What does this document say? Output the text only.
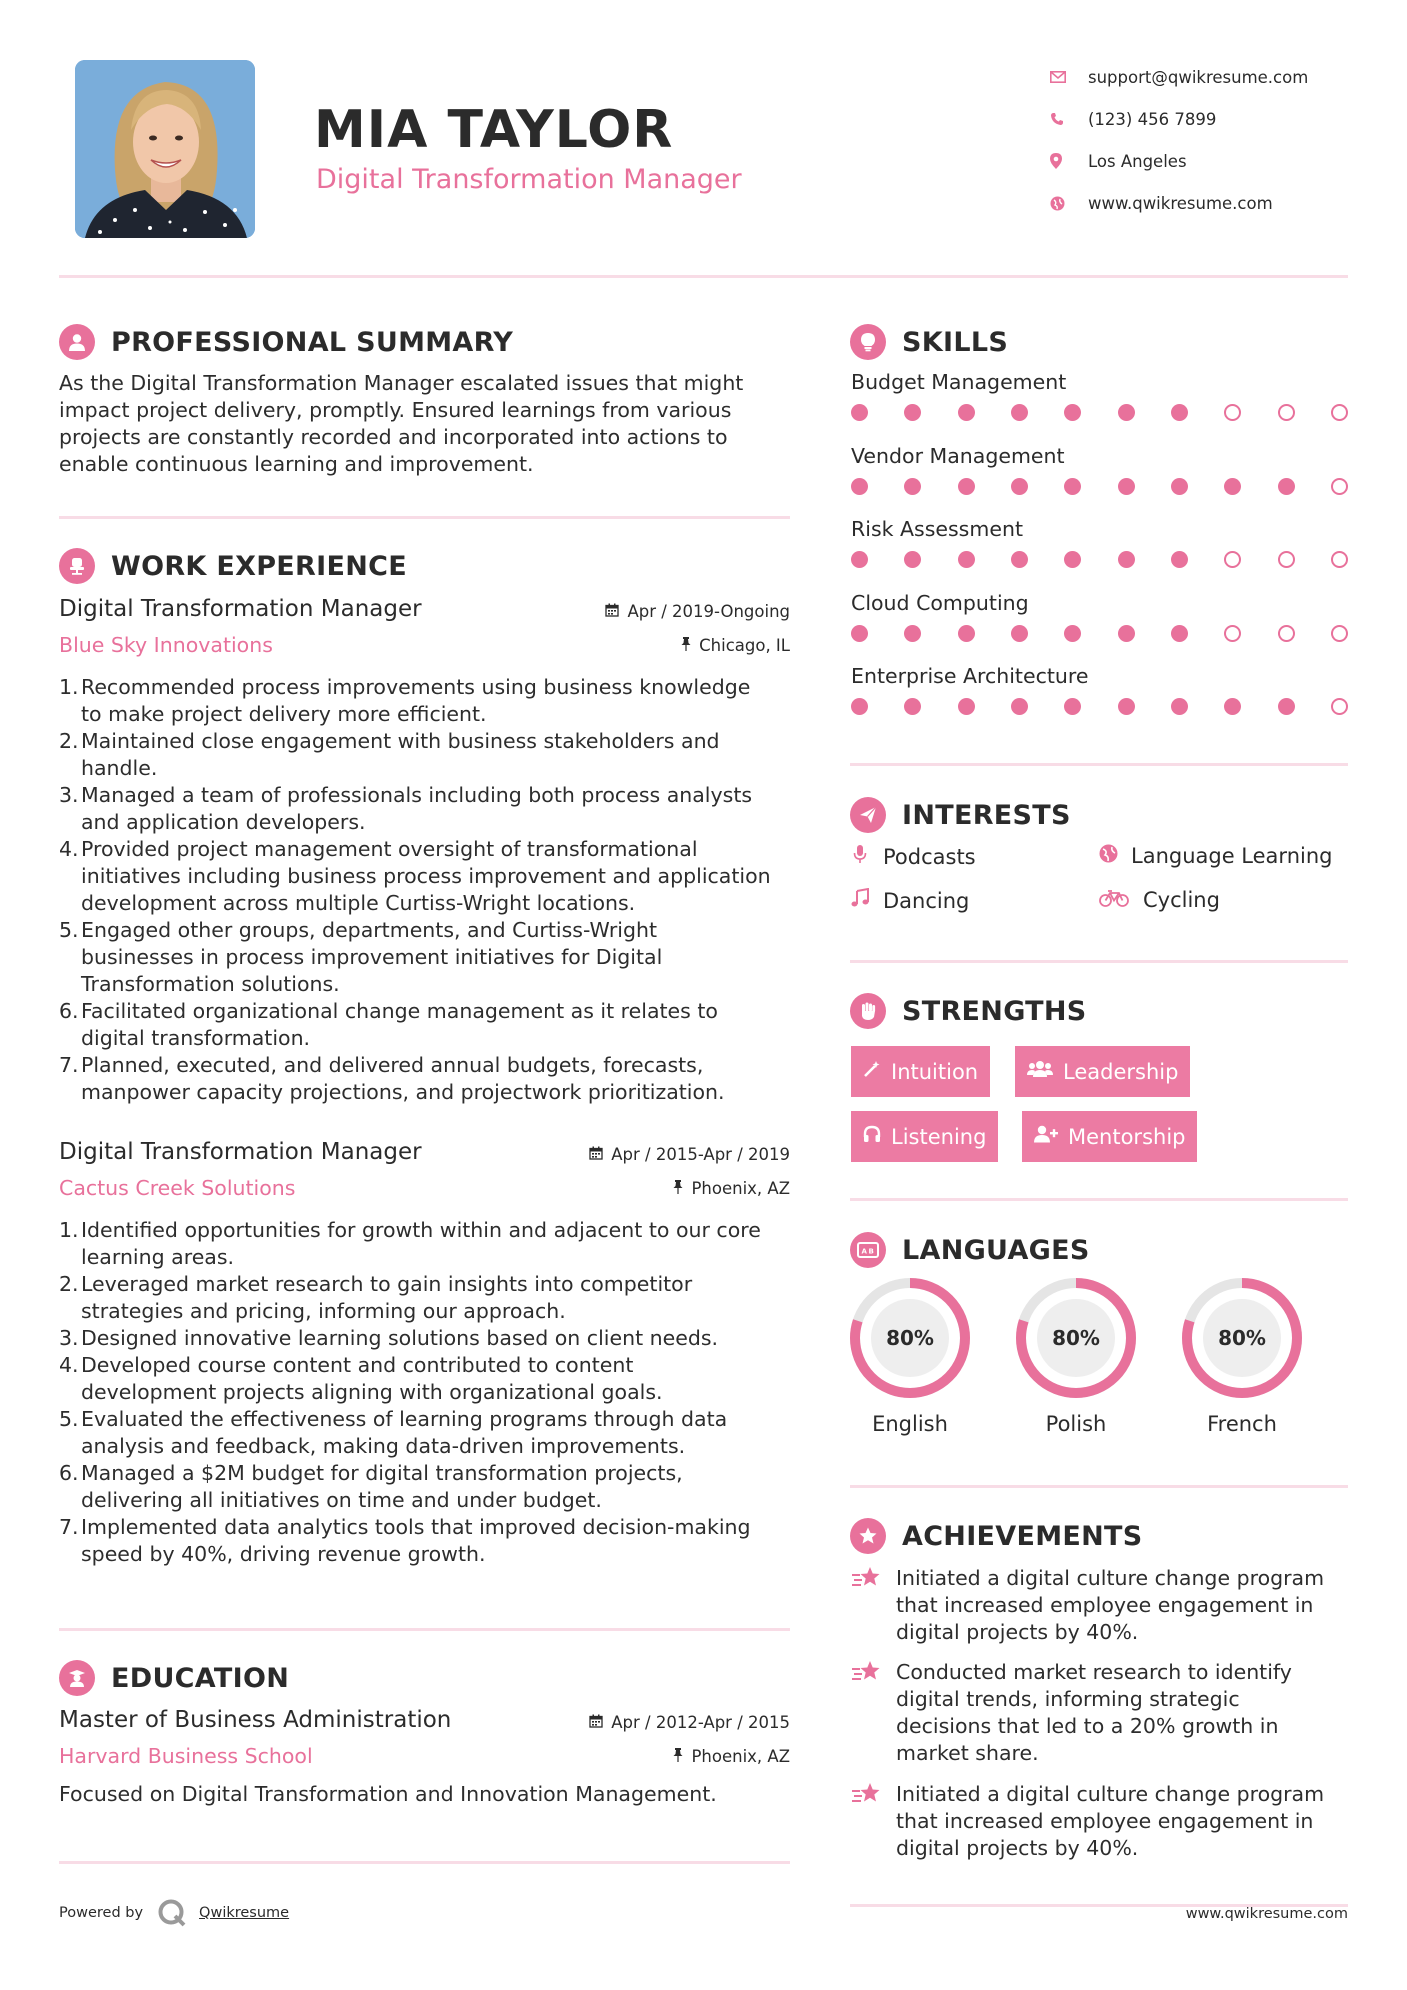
MIA TAYLOR
Digital Transformation Manager
support@qwikresume.com
(123) 456 7899
Los Angeles
www.qwikresume.com
PROFESSIONAL SUMMARY
As the Digital Transformation Manager escalated issues that might
impact project delivery, promptly. Ensured learnings from various
projects are constantly recorded and incorporated into actions to
enable continuous learning and improvement.
WORK EXPERIENCE
Digital Transformation Manager	Apr / 2019-Ongoing
Blue Sky Innovations	Chicago, IL
1. Recommended process improvements using business knowledge
to make project delivery more efficient.
2. Maintained close engagement with business stakeholders and
handle.
3. Managed a team of professionals including both process analysts
and application developers.
4. Provided project management oversight of transformational
initiatives including business process improvement and application
development across multiple Curtiss-Wright locations.
5. Engaged other groups, departments, and Curtiss-Wright
businesses in process improvement initiatives for Digital
Transformation solutions.
6. Facilitated organizational change management as it relates to
digital transformation.
7. Planned, executed, and delivered annual budgets, forecasts,
manpower capacity projections, and projectwork prioritization.
Digital Transformation Manager	Apr / 2015-Apr / 2019
Cactus Creek Solutions	Phoenix, AZ
1. Identified opportunities for growth within and adjacent to our core
learning areas.
2. Leveraged market research to gain insights into competitor
strategies and pricing, informing our approach.
3. Designed innovative learning solutions based on client needs.
4. Developed course content and contributed to content
development projects aligning with organizational goals.
5. Evaluated the effectiveness of learning programs through data
analysis and feedback, making data-driven improvements.
6. Managed a $2M budget for digital transformation projects,
delivering all initiatives on time and under budget.
7. Implemented data analytics tools that improved decision-making
speed by 40%, driving revenue growth.
EDUCATION
Master of Business Administration	Apr / 2012-Apr / 2015
Harvard Business School	Phoenix, AZ
Focused on Digital Transformation and Innovation Management.
Powered by	Qwikresume
SKILLS
Budget Management
Vendor Management
Risk Assessment
Cloud Computing
Enterprise Architecture
INTERESTS
Podcasts	Language Learning
Dancing	Cycling
STRENGTHS
Intuition	Leadership
Listening	Mentorship
A B LANGUAGES
80%
English
80%
Polish
80%
French
ACHIEVEMENTS
Initiated a digital culture change program
that increased employee engagement in
digital projects by 40%.
Conducted market research to identify
digital trends, informing strategic
decisions that led to a 20% growth in
market share.
Initiated a digital culture change program
that increased employee engagement in
digital projects by 40%.
www.qwikresume.com
